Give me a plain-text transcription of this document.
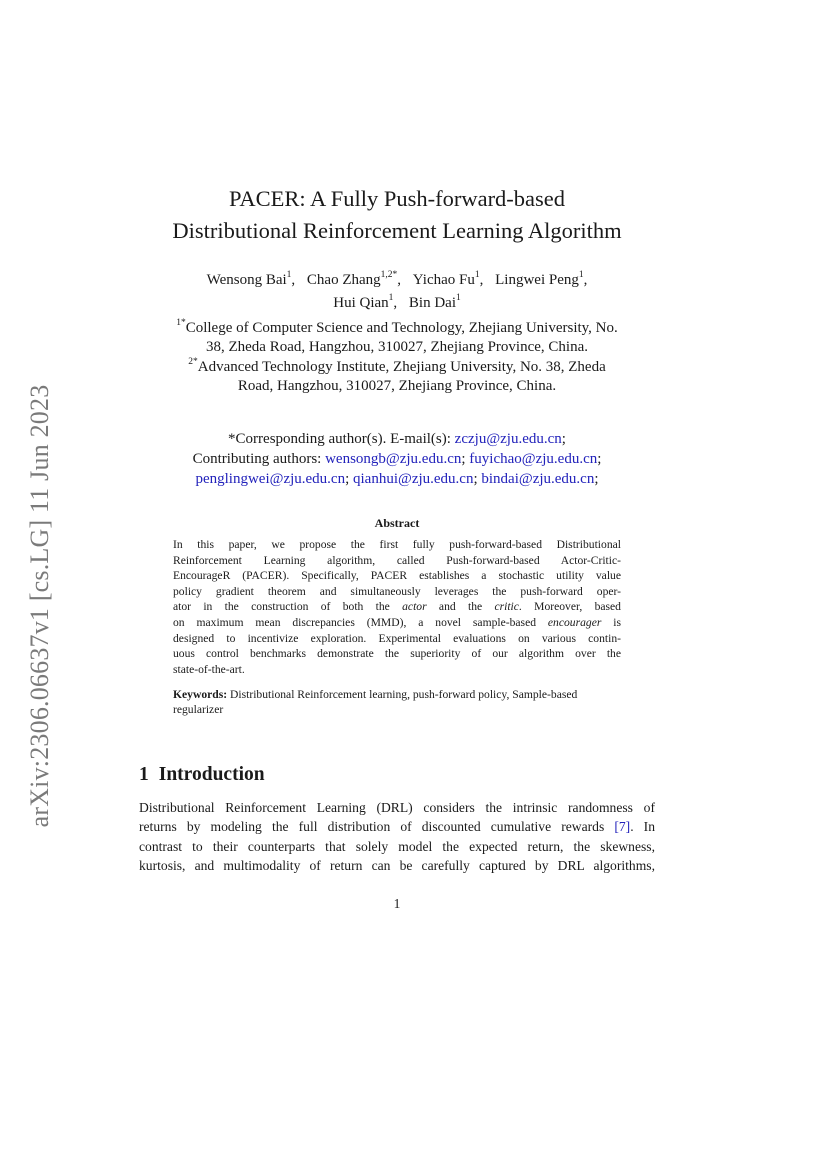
arXiv:2306.06637v1 [cs.LG] 11 Jun 2023
PACER: A Fully Push-forward-based
Distributional Reinforcement Learning Algorithm
Wensong Bai$^1$, Chao Zhang$^{1,2*}$, Yichao Fu$^1$, Lingwei Peng$^1$,
Hui Qian$^1$, Bin Dai$^1$
$^{1*}$College of Computer Science and Technology, Zhejiang University, No.
38, Zheda Road, Hangzhou, 310027, Zhejiang Province, China.
$^{2*}$Advanced Technology Institute, Zhejiang University, No. 38, Zheda
Road, Hangzhou, 310027, Zhejiang Province, China.
*Corresponding author(s). E-mail(s): zczju@zju.edu.cn;
Contributing authors: wensongb@zju.edu.cn; fuyichao@zju.edu.cn;
penglingwei@zju.edu.cn; qianhui@zju.edu.cn; bindai@zju.edu.cn;
Abstract
In this paper, we propose the first fully push-forward-based Distributional
Reinforcement Learning algorithm, called Push-forward-based Actor-Critic-
EncourageR (PACER). Specifically, PACER establishes a stochastic utility value
policy gradient theorem and simultaneously leverages the push-forward oper-
ator in the construction of both the actor and the critic. Moreover, based
on maximum mean discrepancies (MMD), a novel sample-based encourager is
designed to incentivize exploration. Experimental evaluations on various contin-
uous control benchmarks demonstrate the superiority of our algorithm over the
state-of-the-art.
Keywords: Distributional Reinforcement learning, push-forward policy, Sample-based
regularizer
1 Introduction
Distributional Reinforcement Learning (DRL) considers the intrinsic randomness of
returns by modeling the full distribution of discounted cumulative rewards [7]. In
contrast to their counterparts that solely model the expected return, the skewness,
kurtosis, and multimodality of return can be carefully captured by DRL algorithms,
1
